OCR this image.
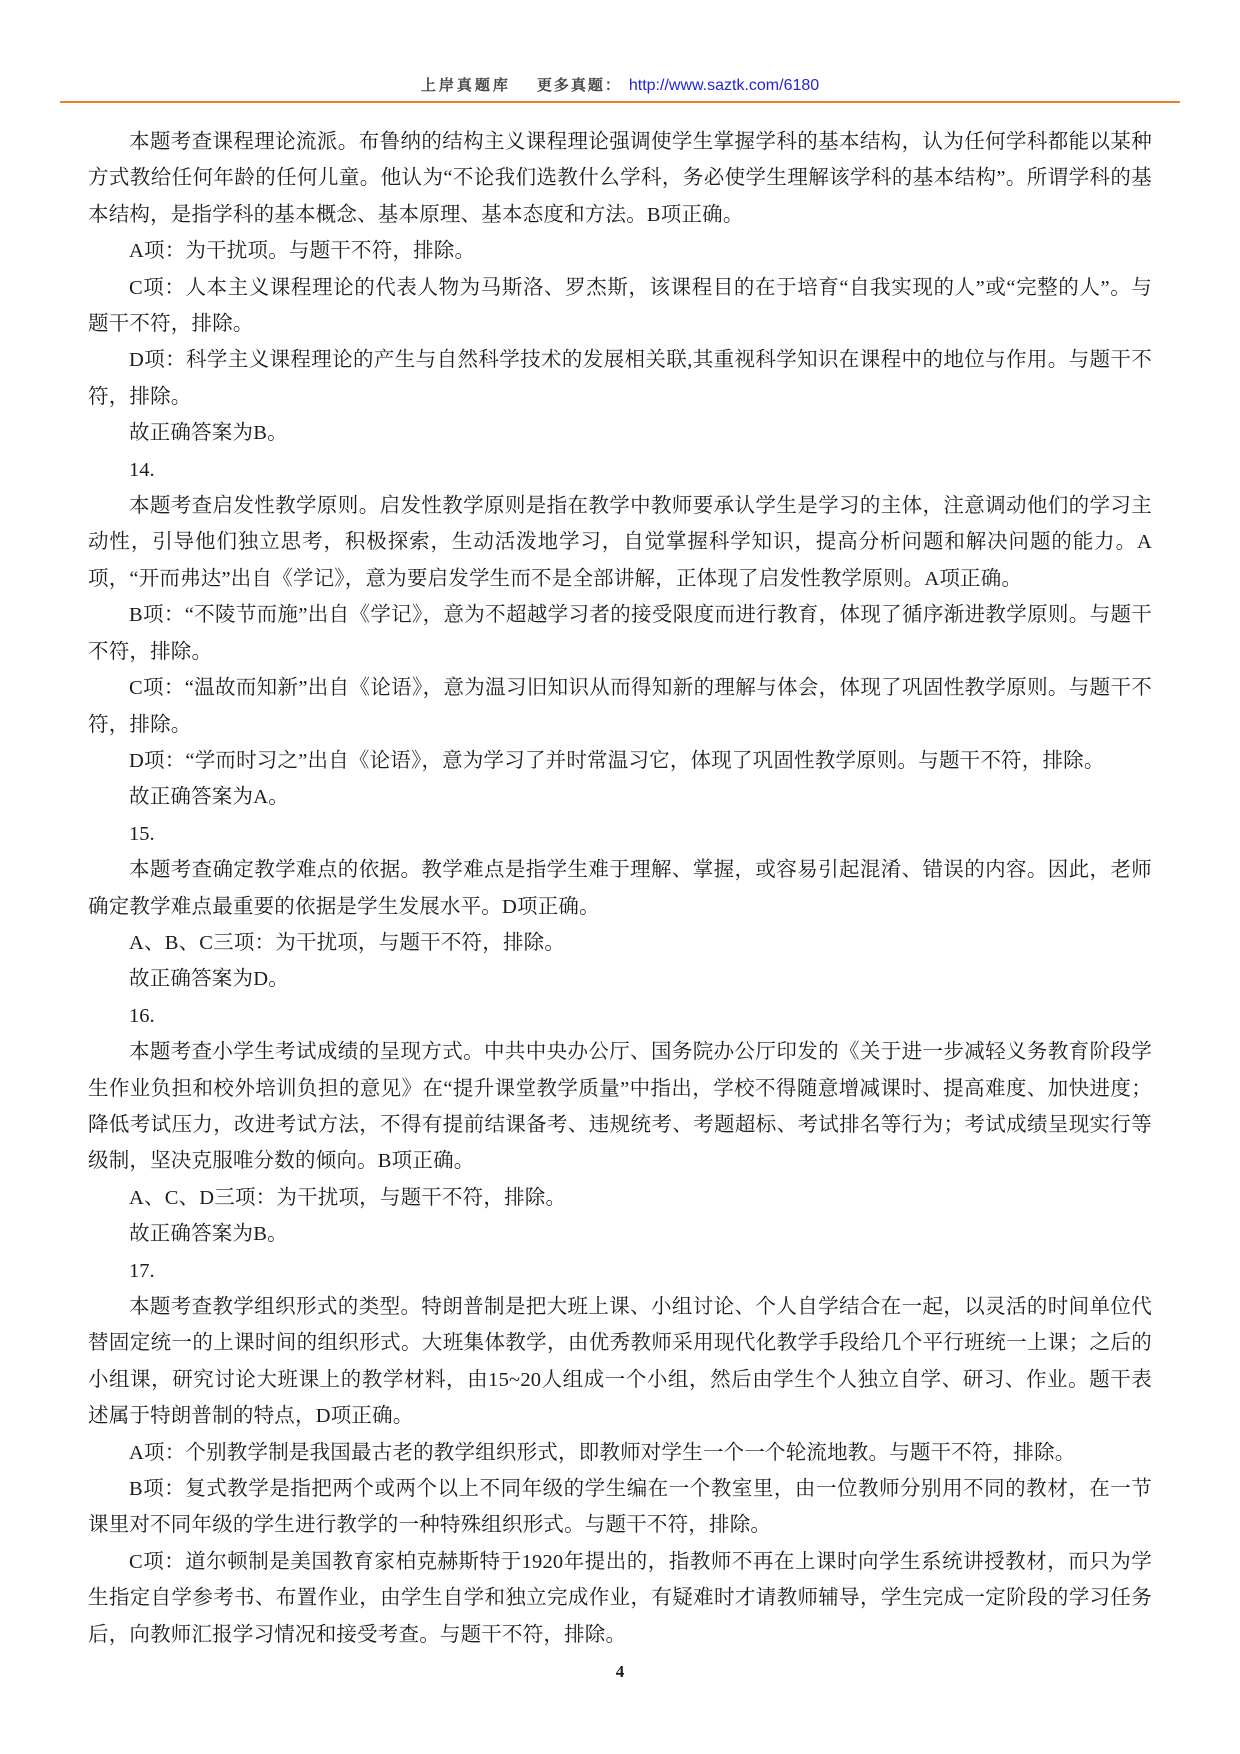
上岸真题库 更多真题： http://www.saztk.com/6180

本题考查课程理论流派。布鲁纳的结构主义课程理论强调使学生掌握学科的基本结构，认为任何学科都能以某种方式教给任何年龄的任何儿童。他认为“不论我们选教什么学科，务必使学生理解该学科的基本结构”。所谓学科的基本结构，是指学科的基本概念、基本原理、基本态度和方法。B项正确。

A项：为干扰项。与题干不符，排除。

C项：人本主义课程理论的代表人物为马斯洛、罗杰斯，该课程目的在于培育“自我实现的人”或“完整的人”。与题干不符，排除。

D项：科学主义课程理论的产生与自然科学技术的发展相关联,其重视科学知识在课程中的地位与作用。与题干不符，排除。

故正确答案为B。

14.

本题考查启发性教学原则。启发性教学原则是指在教学中教师要承认学生是学习的主体，注意调动他们的学习主动性，引导他们独立思考，积极探索，生动活泼地学习，自觉掌握科学知识，提高分析问题和解决问题的能力。A项，“开而弗达”出自《学记》，意为要启发学生而不是全部讲解，正体现了启发性教学原则。A项正确。

B项：“不陵节而施”出自《学记》，意为不超越学习者的接受限度而进行教育，体现了循序渐进教学原则。与题干不符，排除。

C项：“温故而知新”出自《论语》，意为温习旧知识从而得知新的理解与体会，体现了巩固性教学原则。与题干不符，排除。

D项：“学而时习之”出自《论语》，意为学习了并时常温习它，体现了巩固性教学原则。与题干不符，排除。

故正确答案为A。

15.

本题考查确定教学难点的依据。教学难点是指学生难于理解、掌握，或容易引起混淆、错误的内容。因此，老师确定教学难点最重要的依据是学生发展水平。D项正确。

A、B、C三项：为干扰项，与题干不符，排除。

故正确答案为D。

16.

本题考查小学生考试成绩的呈现方式。中共中央办公厅、国务院办公厅印发的《关于进一步减轻义务教育阶段学生作业负担和校外培训负担的意见》在“提升课堂教学质量”中指出，学校不得随意增减课时、提高难度、加快进度；降低考试压力，改进考试方法，不得有提前结课备考、违规统考、考题超标、考试排名等行为；考试成绩呈现实行等级制，坚决克服唯分数的倾向。B项正确。

A、C、D三项：为干扰项，与题干不符，排除。

故正确答案为B。

17.

本题考查教学组织形式的类型。特朗普制是把大班上课、小组讨论、个人自学结合在一起，以灵活的时间单位代替固定统一的上课时间的组织形式。大班集体教学，由优秀教师采用现代化教学手段给几个平行班统一上课；之后的小组课，研究讨论大班课上的教学材料，由15~20人组成一个小组，然后由学生个人独立自学、研习、作业。题干表述属于特朗普制的特点，D项正确。

A项：个别教学制是我国最古老的教学组织形式，即教师对学生一个一个轮流地教。与题干不符，排除。

B项：复式教学是指把两个或两个以上不同年级的学生编在一个教室里，由一位教师分别用不同的教材，在一节课里对不同年级的学生进行教学的一种特殊组织形式。与题干不符，排除。

C项：道尔顿制是美国教育家柏克赫斯特于1920年提出的，指教师不再在上课时向学生系统讲授教材，而只为学生指定自学参考书、布置作业，由学生自学和独立完成作业，有疑难时才请教师辅导，学生完成一定阶段的学习任务后，向教师汇报学习情况和接受考查。与题干不符，排除。

4
